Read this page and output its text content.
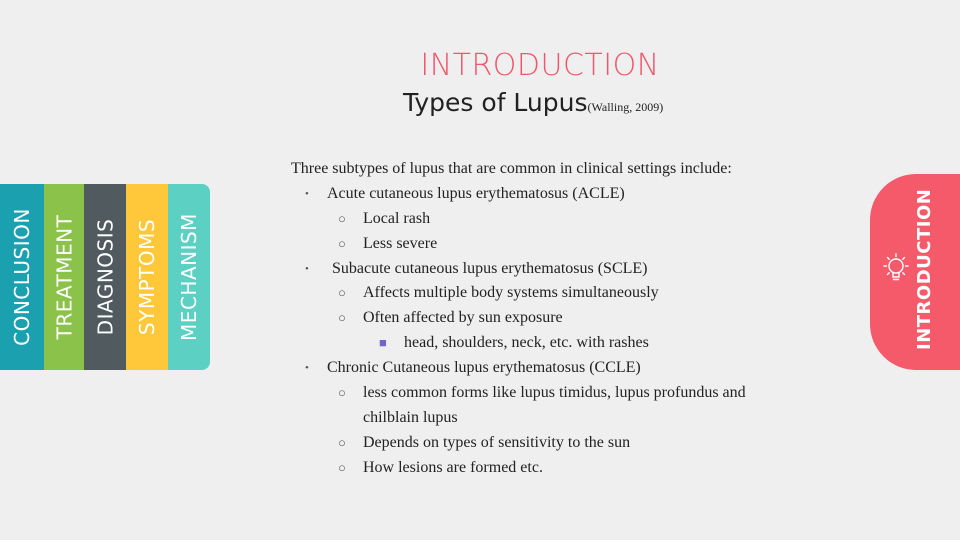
INTRODUCTION
Types of Lupus(Walling, 2009)
CONCLUSION TREATMENT DIAGNOSIS SYMPTOMS MECHANISM	INTRODUCTION
Three subtypes of lupus that are common in clinical settings include:
• Acute cutaneous lupus erythematosus (ACLE)
○ Local rash
○ Less severe
• Subacute cutaneous lupus erythematosus (SCLE)
○ Affects multiple body systems simultaneously
○ Often affected by sun exposure
■ head, shoulders, neck, etc. with rashes
• Chronic Cutaneous lupus erythematosus (CCLE)
○ less common forms like lupus timidus, lupus profundus and
chilblain lupus
○ Depends on types of sensitivity to the sun
○ How lesions are formed etc.
